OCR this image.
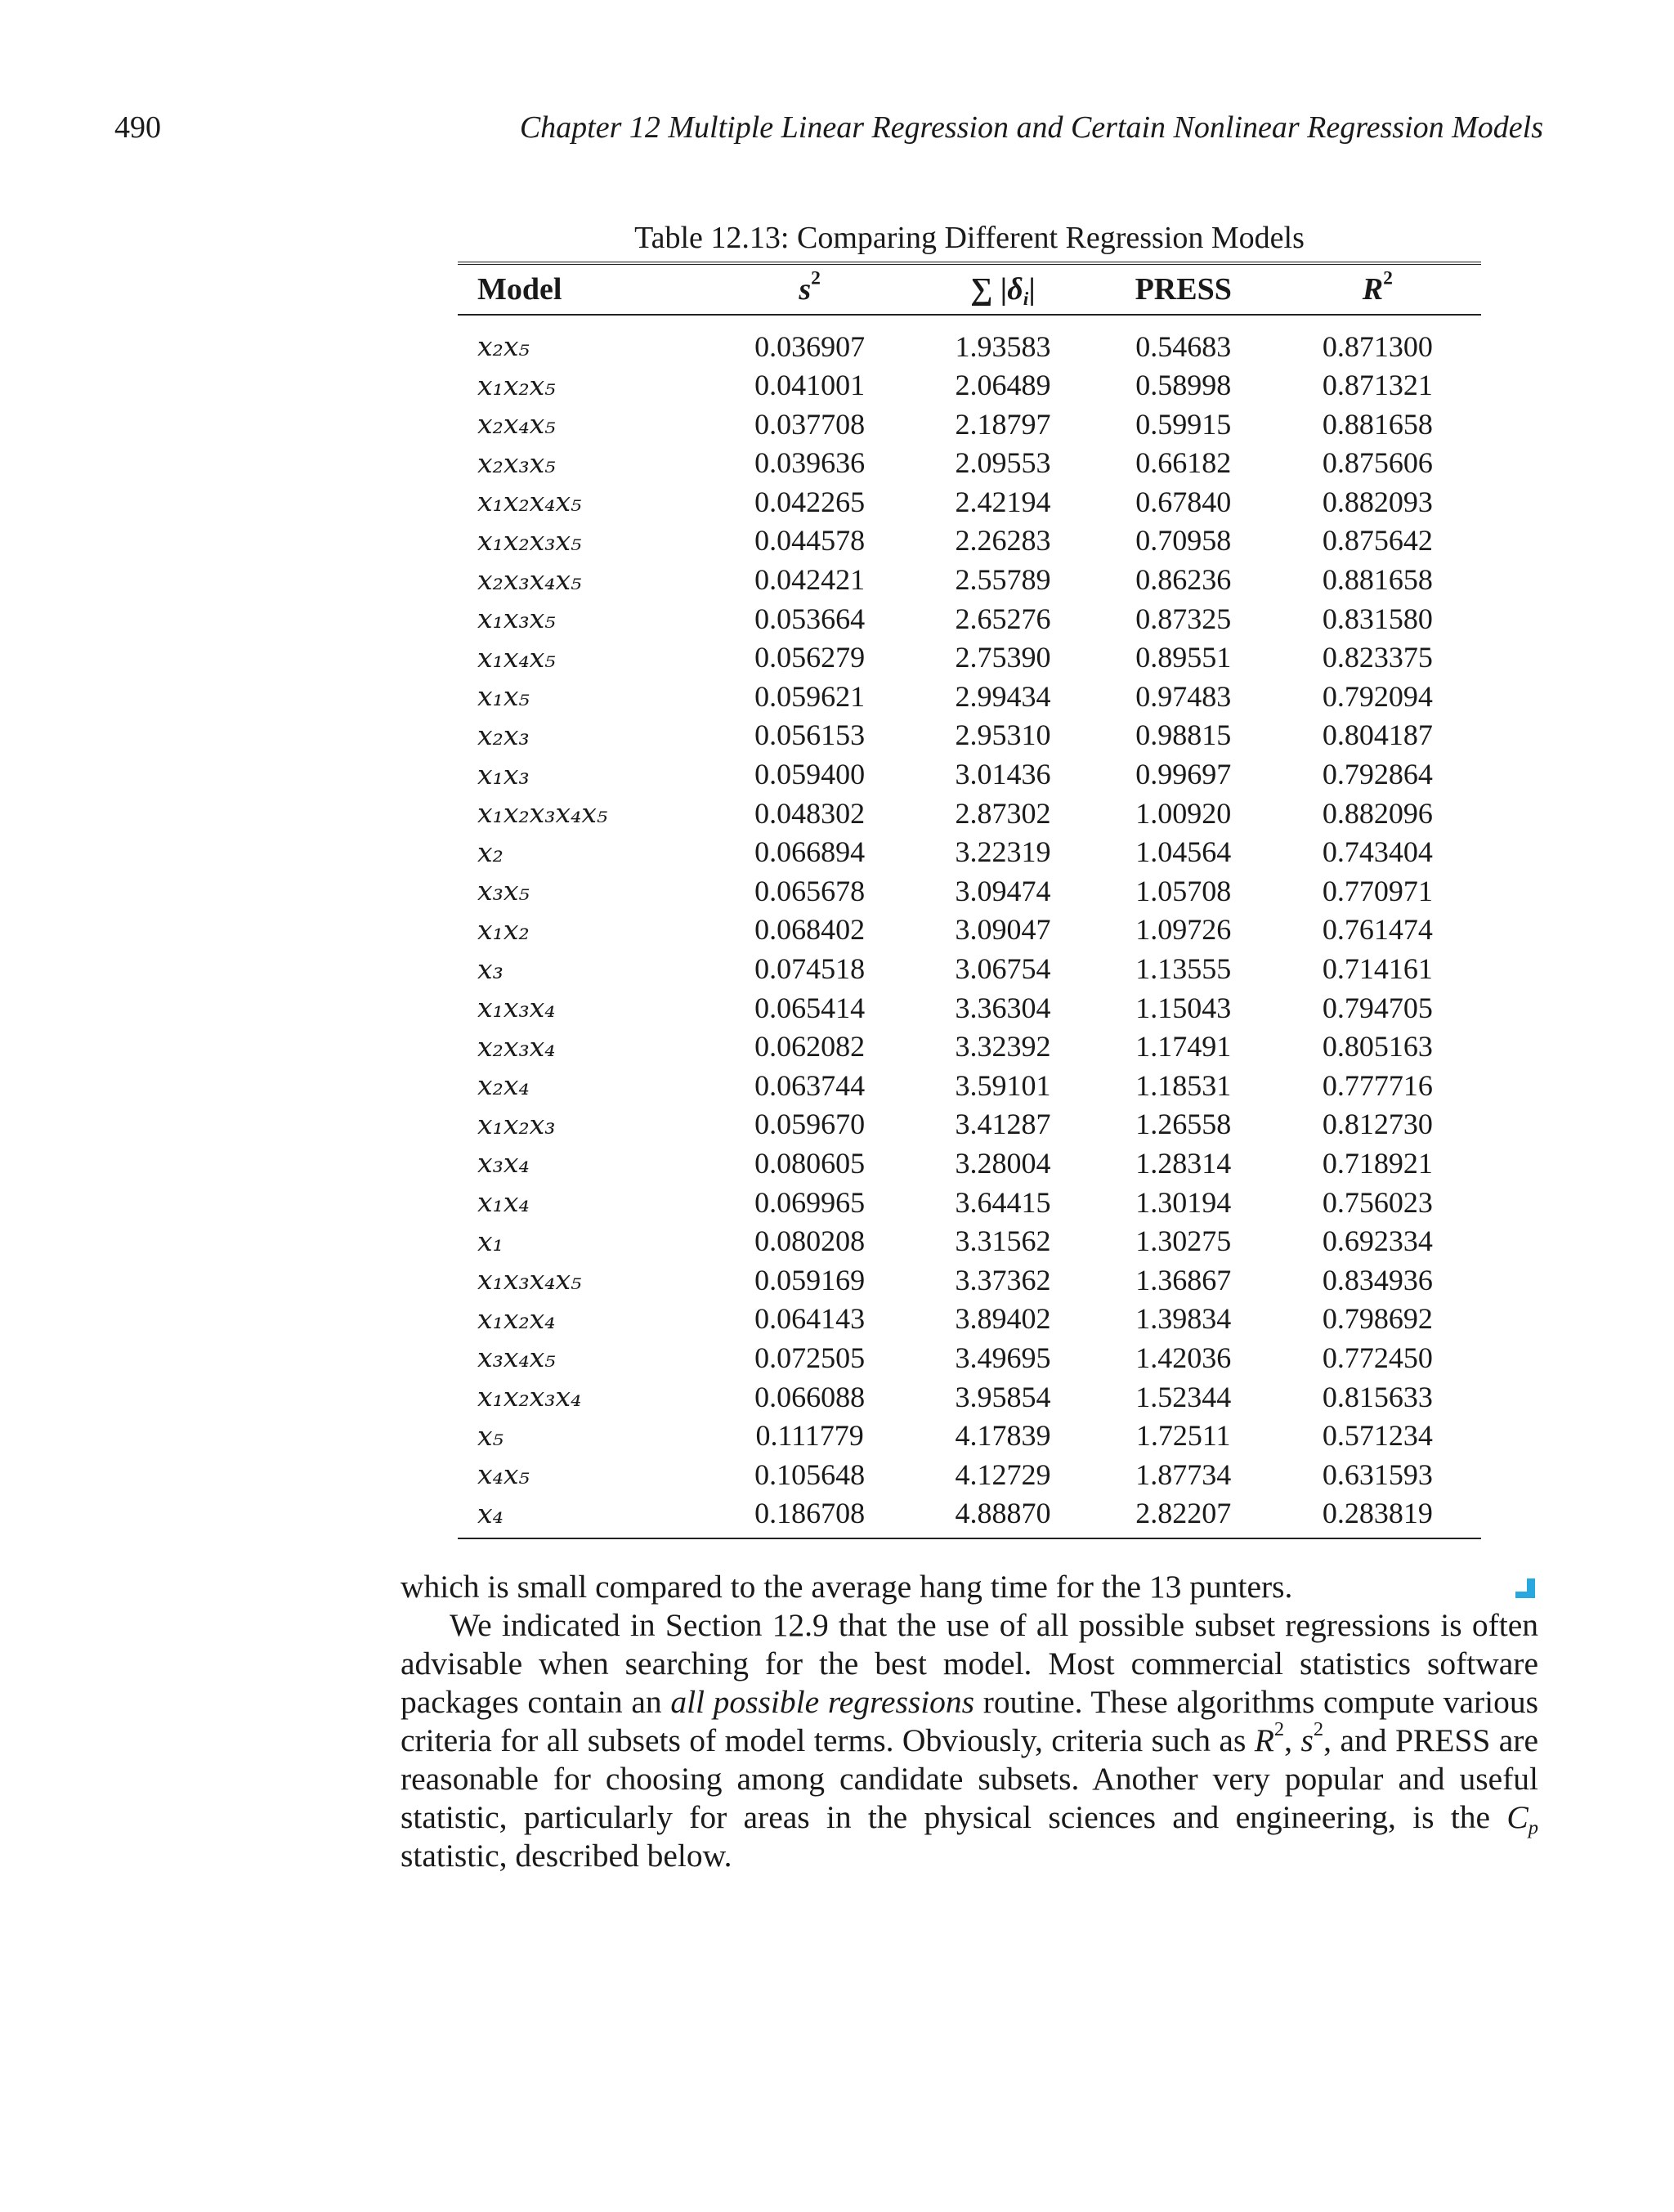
490	Chapter 12 Multiple Linear Regression and Certain Nonlinear Regression Models
Table 12.13: Comparing Different Regression Models
Model	$s^2$	∑ $|\delta_i|$	PRESS	$R^2$
x₂x₅	0.036907	1.93583	0.54683	0.871300
x₁x₂x₅	0.041001	2.06489	0.58998	0.871321
x₂x₄x₅	0.037708	2.18797	0.59915	0.881658
x₂x₃x₅	0.039636	2.09553	0.66182	0.875606
x₁x₂x₄x₅	0.042265	2.42194	0.67840	0.882093
x₁x₂x₃x₅	0.044578	2.26283	0.70958	0.875642
x₂x₃x₄x₅	0.042421	2.55789	0.86236	0.881658
x₁x₃x₅	0.053664	2.65276	0.87325	0.831580
x₁x₄x₅	0.056279	2.75390	0.89551	0.823375
x₁x₅	0.059621	2.99434	0.97483	0.792094
x₂x₃	0.056153	2.95310	0.98815	0.804187
x₁x₃	0.059400	3.01436	0.99697	0.792864
x₁x₂x₃x₄x₅	0.048302	2.87302	1.00920	0.882096
x₂	0.066894	3.22319	1.04564	0.743404
x₃x₅	0.065678	3.09474	1.05708	0.770971
x₁x₂	0.068402	3.09047	1.09726	0.761474
x₃	0.074518	3.06754	1.13555	0.714161
x₁x₃x₄	0.065414	3.36304	1.15043	0.794705
x₂x₃x₄	0.062082	3.32392	1.17491	0.805163
x₂x₄	0.063744	3.59101	1.18531	0.777716
x₁x₂x₃	0.059670	3.41287	1.26558	0.812730
x₃x₄	0.080605	3.28004	1.28314	0.718921
x₁x₄	0.069965	3.64415	1.30194	0.756023
x₁	0.080208	3.31562	1.30275	0.692334
x₁x₃x₄x₅	0.059169	3.37362	1.36867	0.834936
x₁x₂x₄	0.064143	3.89402	1.39834	0.798692
x₃x₄x₅	0.072505	3.49695	1.42036	0.772450
x₁x₂x₃x₄	0.066088	3.95854	1.52344	0.815633
x₅	0.111779	4.17839	1.72511	0.571234
x₄x₅	0.105648	4.12729	1.87734	0.631593
x₄	0.186708	4.88870	2.82207	0.283819

which is small compared to the average hang time for the 13 punters.

We indicated in Section 12.9 that the use of all possible subset regressions is often advisable when searching for the best model. Most commercial statistics software packages contain an all possible regressions routine. These algorithms compute various criteria for all subsets of model terms. Obviously, criteria such as $R^2$, $s^2$, and PRESS are reasonable for choosing among candidate subsets. Another very popular and useful statistic, particularly for areas in the physical sciences and engineering, is the $C_p$ statistic, described below.
